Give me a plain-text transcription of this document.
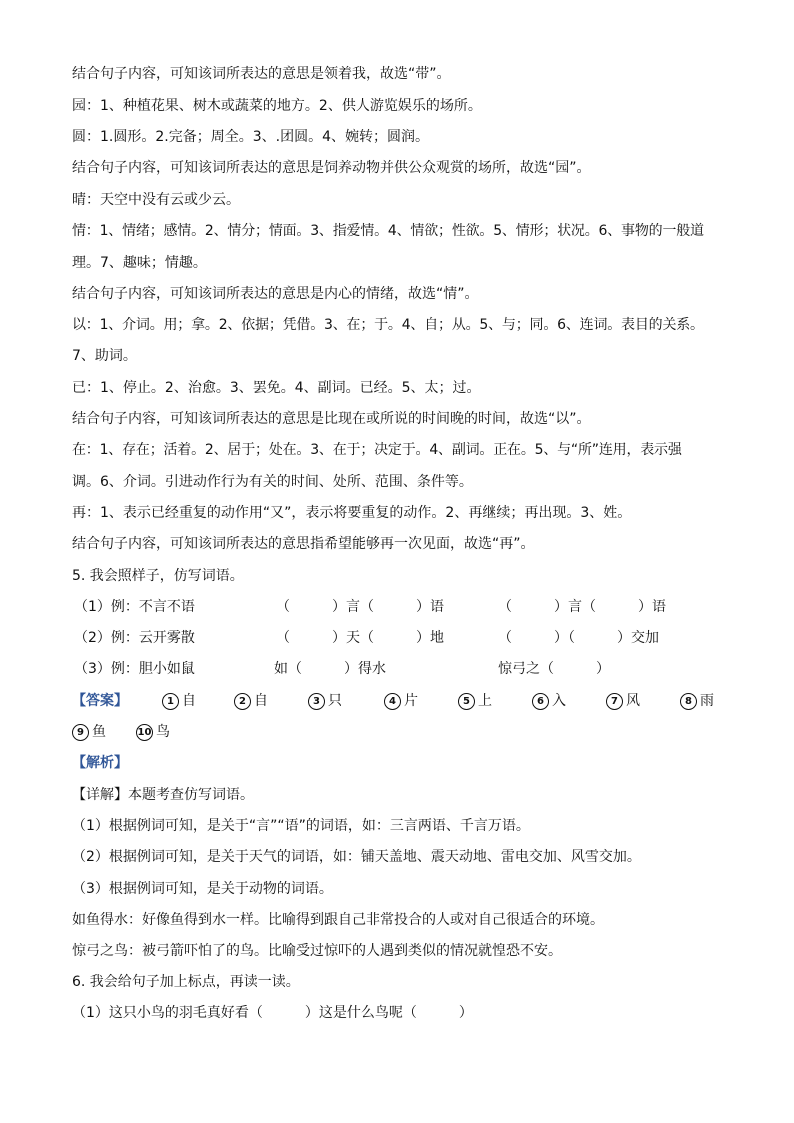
结合句子内容，可知该词所表达的意思是领着我，故选“带”。
园：1、种植花果、树木或蔬菜的地方。2、供人游览娱乐的场所。
圆：1.圆形。2.完备；周全。3、.团圆。4、婉转；圆润。
结合句子内容，可知该词所表达的意思是饲养动物并供公众观赏的场所，故选“园”。
晴：天空中没有云或少云。
情：1、情绪；感情。2、情分；情面。3、指爱情。4、情欲；性欲。5、情形；状况。6、事物的一般道
理。7、趣味；情趣。
结合句子内容，可知该词所表达的意思是内心的情绪，故选“情”。
以：1、介词。用；拿。2、依据；凭借。3、在；于。4、自；从。5、与；同。6、连词。表目的关系。
7、助词。
已：1、停止。2、治愈。3、罢免。4、副词。已经。5、太；过。
结合句子内容，可知该词所表达的意思是比现在或所说的时间晚的时间，故选“以”。
在：1、存在；活着。2、居于；处在。3、在于；决定于。4、副词。正在。5、与“所”连用，表示强
调。6、介词。引进动作行为有关的时间、处所、范围、条件等。
再：1、表示已经重复的动作用“又”，表示将要重复的动作。2、再继续；再出现。3、姓。
结合句子内容，可知该词所表达的意思指希望能够再一次见面，故选“再”。
5. 我会照样子，仿写词语。
（1）例：不言不语	（　　　）言（　　　）语	（　　　）言（　　　）语
（2）例：云开雾散	（　　　）天（　　　）地	（　　　）（　　　）交加
（3）例：胆小如鼠	如（　　　）得水	惊弓之（　　　）
【答案】	1 自	2 自	3 只	4 片	5 上	6 入	7 风	8 雨
9 鱼	10 鸟
【解析】
【详解】本题考查仿写词语。
（1）根据例词可知，是关于“言”“语”的词语，如：三言两语、千言万语。
（2）根据例词可知，是关于天气的词语，如：铺天盖地、震天动地、雷电交加、风雪交加。
（3）根据例词可知，是关于动物的词语。
如鱼得水：好像鱼得到水一样。比喻得到跟自己非常投合的人或对自己很适合的环境。
惊弓之鸟：被弓箭吓怕了的鸟。比喻受过惊吓的人遇到类似的情况就惶恐不安。
6. 我会给句子加上标点，再读一读。
（1）这只小鸟的羽毛真好看（　　　）这是什么鸟呢（　　　）
